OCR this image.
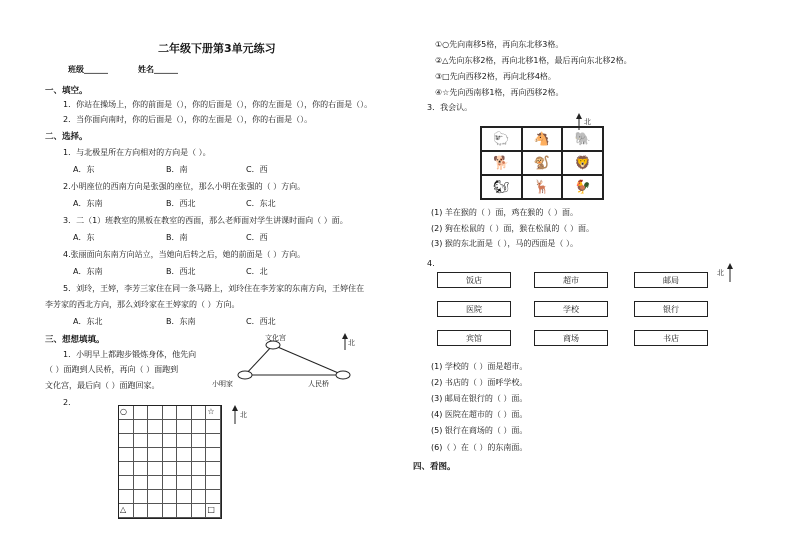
二年级下册第3单元练习
班级______	姓名______
一、填空。
1．你站在操场上，你的前面是（），你的后面是（），你的左面是（），你的右面是（）。
2．当你面向南时，你的后面是（），你的左面是（），你的右面是（）。
二、选择。
1．与北极星所在方向相对的方向是（ ）。
A．东	B．南	C．西
2.小明座位的西南方向是张强的座位，那么小明在张强的（ ）方向。
A．东南	B．西北	C．东北
3．二（1）班教室的黑板在教室的西面，那么老师面对学生讲课时面向（ ）面。
A．东	B．南	C．西
4.张丽面向东南方向站立，当她向后转之后，她的前面是（ ）方向。
A．东南	B．西北	C．北
5．刘玲，王婷，李芳三家住在同一条马路上，刘玲住在李芳家的东南方向，王婷住在
李芳家的西北方向，那么刘玲家在王婷家的（ ）方向。
A．东北	B．东南	C．西北
三、想想填填。
1．小明早上都跑步锻炼身体，他先向
（ ）面跑到人民桥，再向（ ）面跑到
文化宫，最后向（ ）面跑回家。
文化宫
小明家	人民桥
北
2．
○	☆
△	□
北
①○先向南移5格，再向东北移3格。
②△先向东移2格，再向北移1格，最后再向东北移2格。
③□先向西移2格，再向北移4格。
④☆先向西南移1格，再向西移2格。
3．我会认。
🐑	🐴	🐘
🐕	🐒	🦁
🐿	🦌	🐓
北
(1) 羊在猴的（ ）面，鸡在猴的（ ）面。
(2) 狗在松鼠的（ ）面，猴在松鼠的（ ）面。
(3) 猴的东北面是（ ），马的西面是（ ）。
4.
北
饭店	超市	邮局
医院	学校	银行
宾馆	商场	书店
(1) 学校的（ ）面是超市。
(2) 书店的（ ）面呼学校。
(3) 邮局在银行的（ ）面。
(4) 医院在超市的（ ）面。
(5) 银行在商场的（ ）面。
(6)（ ）在（ ）的东南面。
四、看图。
